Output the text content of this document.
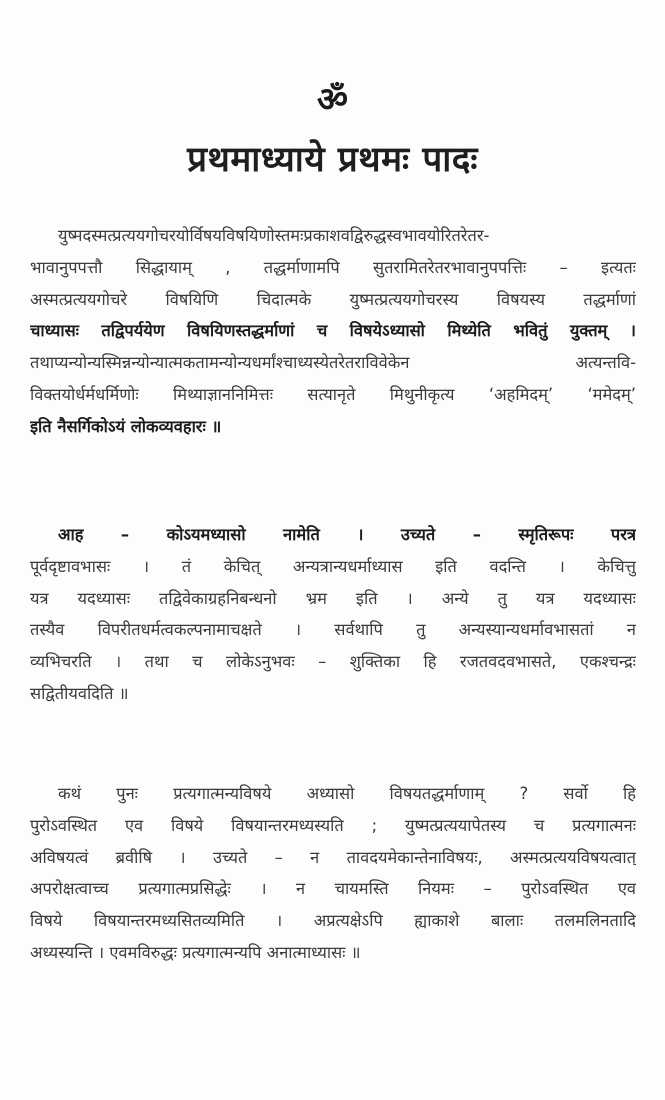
ॐ
प्रथमाध्याये प्रथमः पादः
युष्मदस्मत्प्रत्ययगोचरयोर्विषयविषयिणोस्तमःप्रकाशवद्विरुद्धस्वभावयोरितरेतर-
भावानुपपत्तौ सिद्धायाम् , तद्धर्माणामपि सुतरामितरेतरभावानुपपत्तिः – इत्यतः
अस्मत्प्रत्ययगोचरे विषयिणि चिदात्मके युष्मत्प्रत्ययगोचरस्य विषयस्य तद्धर्माणां
चाध्यासः तद्विपर्ययेण विषयिणस्तद्धर्माणां च विषयेऽध्यासो मिथ्येति भवितुं युक्तम् ।
तथाप्यन्योन्यस्मिन्नन्योन्यात्मकतामन्योन्यधर्मांश्चाध्यस्येतरेतराविवेकेन अत्यन्तवि-
विक्तयोर्धर्मधर्मिणोः मिथ्याज्ञाननिमित्तः सत्यानृते मिथुनीकृत्य ‘अहमिदम्’ ‘ममेदम्’
इति नैसर्गिकोऽयं लोकव्यवहारः ॥
आह – कोऽयमध्यासो नामेति । उच्यते – स्मृतिरूपः परत्र
पूर्वदृष्टावभासः । तं केचित् अन्यत्रान्यधर्माध्यास इति वदन्ति । केचित्तु
यत्र यदध्यासः तद्विवेकाग्रहनिबन्धनो भ्रम इति । अन्ये तु यत्र यदध्यासः
तस्यैव विपरीतधर्मत्वकल्पनामाचक्षते । सर्वथापि तु अन्यस्यान्यधर्मावभासतां न
व्यभिचरति । तथा च लोकेऽनुभवः – शुक्तिका हि रजतवदवभासते, एकश्चन्द्रः
सद्वितीयवदिति ॥
कथं पुनः प्रत्यगात्मन्यविषये अध्यासो विषयतद्धर्माणाम् ? सर्वो हि
पुरोऽवस्थित एव विषये विषयान्तरमध्यस्यति ; युष्मत्प्रत्ययापेतस्य च प्रत्यगात्मनः
अविषयत्वं ब्रवीषि । उच्यते – न तावदयमेकान्तेनाविषयः, अस्मत्प्रत्ययविषयत्वात्
अपरोक्षत्वाच्च प्रत्यगात्मप्रसिद्धेः । न चायमस्ति नियमः – पुरोऽवस्थित एव
विषये विषयान्तरमध्यसितव्यमिति । अप्रत्यक्षेऽपि ह्याकाशे बालाः तलमलिनतादि
अध्यस्यन्ति । एवमविरुद्धः प्रत्यगात्मन्यपि अनात्माध्यासः ॥
